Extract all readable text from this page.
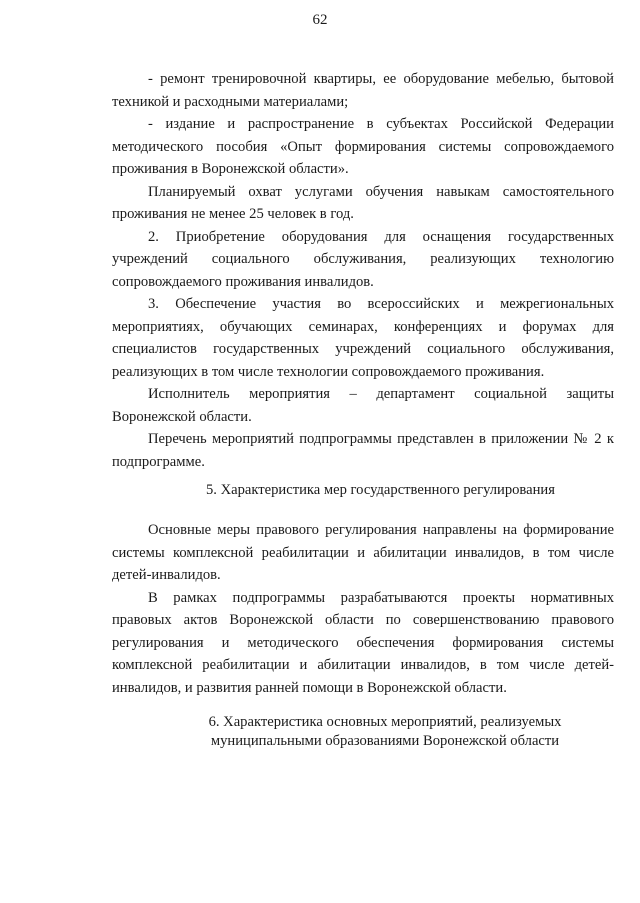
62

- ремонт тренировочной квартиры, ее оборудование мебелью, бытовой техникой и расходными материалами;

- издание и распространение в субъектах Российской Федерации методического пособия «Опыт формирования системы сопровождаемого проживания в Воронежской области».

Планируемый охват услугами обучения навыкам самостоятельного проживания не менее 25 человек в год.

2. Приобретение оборудования для оснащения государственных учреждений социального обслуживания, реализующих технологию сопровождаемого проживания инвалидов.

3. Обеспечение участия во всероссийских и межрегиональных мероприятиях, обучающих семинарах, конференциях и форумах для специалистов государственных учреждений социального обслуживания, реализующих в том числе технологии сопровождаемого проживания.

Исполнитель мероприятия – департамент социальной защиты Воронежской области.

Перечень мероприятий подпрограммы представлен в приложении № 2 к подпрограмме.

5. Характеристика мер государственного регулирования

Основные меры правового регулирования направлены на формирование системы комплексной реабилитации и абилитации инвалидов, в том числе детей-инвалидов.

В рамках подпрограммы разрабатываются проекты нормативных правовых актов Воронежской области по совершенствованию правового регулирования и методического обеспечения формирования системы комплексной реабилитации и абилитации инвалидов, в том числе детей-инвалидов, и развития ранней помощи в Воронежской области.

6. Характеристика основных мероприятий, реализуемых
муниципальными образованиями Воронежской области
